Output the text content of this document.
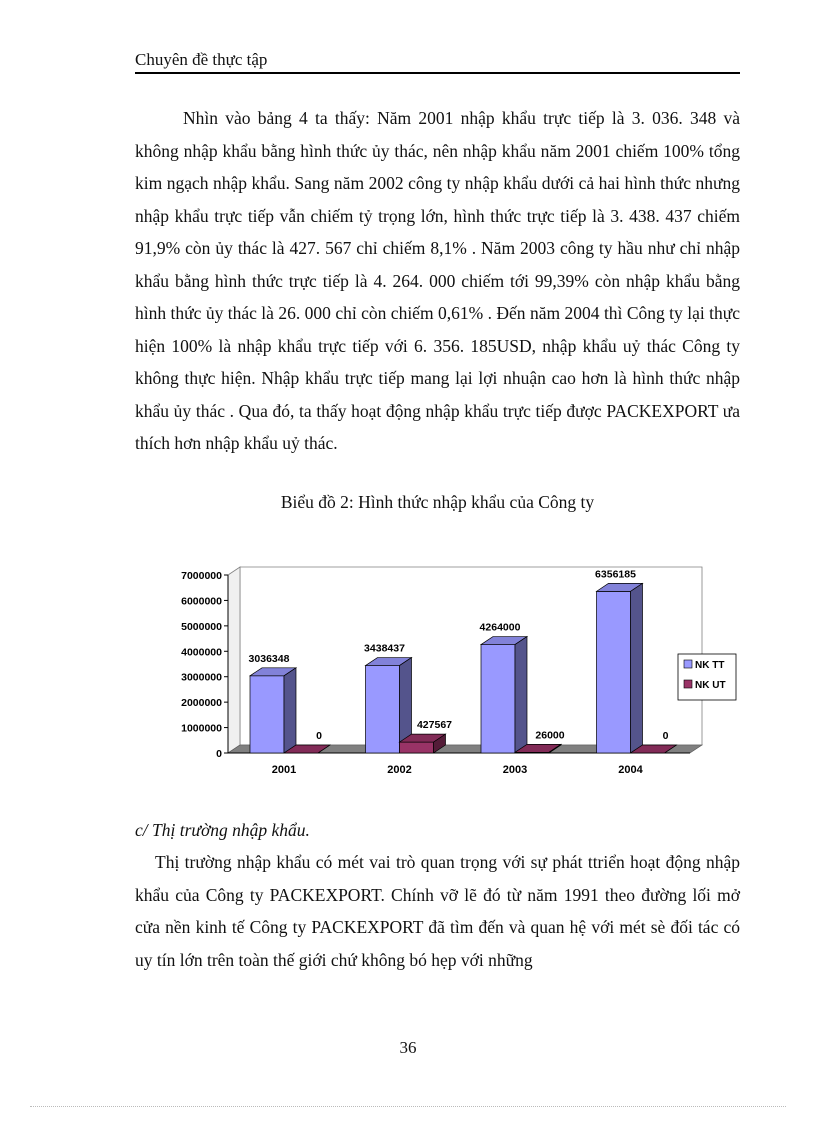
Chuyên đề thực tập

Nhìn vào bảng 4 ta thấy: Năm 2001 nhập khẩu trực tiếp là 3. 036. 348 và không nhập khẩu bằng hình thức ủy thác, nên nhập khẩu năm 2001 chiếm 100% tổng kim ngạch nhập khẩu. Sang năm 2002 công ty nhập khẩu dưới cả hai hình thức nhưng nhập khẩu trực tiếp vẫn chiếm tỷ trọng lớn, hình thức trực tiếp là 3. 438. 437 chiếm 91,9% còn ủy thác là 427. 567 chỉ chiếm 8,1% . Năm 2003 công ty hầu như chỉ nhập khẩu bằng hình thức trực tiếp là 4. 264. 000 chiếm tới 99,39% còn nhập khẩu bằng hình thức ủy thác là 26. 000 chỉ còn chiếm 0,61% . Đến năm 2004 thì Công ty lại thực hiện 100% là nhập khẩu trực tiếp với 6. 356. 185USD, nhập khẩu uỷ thác Công ty không thực hiện. Nhập khẩu trực tiếp mang lại lợi nhuận cao hơn là hình thức nhập khẩu ủy thác . Qua đó, ta thấy hoạt động nhập khẩu trực tiếp được PACKEXPORT ưa thích hơn nhập khẩu uỷ thác.

Biểu đồ 2: Hình thức nhập khẩu của Công ty
7000000
6000000
5000000
4000000
3000000
2000000
1000000
0
2001	2002	2003	2004
3036348
0
3438437
427567
4264000
26000
6356185
0
NK TT
NK UT
c/ Thị trường nhập khẩu.

Thị trường nhập khẩu có mét vai trò quan trọng với sự phát ttriển hoạt động nhập khẩu của Công ty PACKEXPORT. Chính vỡ lẽ đó từ năm 1991 theo đường lối mở cửa nền kinh tế Công ty PACKEXPORT đã tìm đến và quan hệ với mét sè đối tác có uy tín lớn trên toàn thế giới chứ không bó hẹp với những

36
